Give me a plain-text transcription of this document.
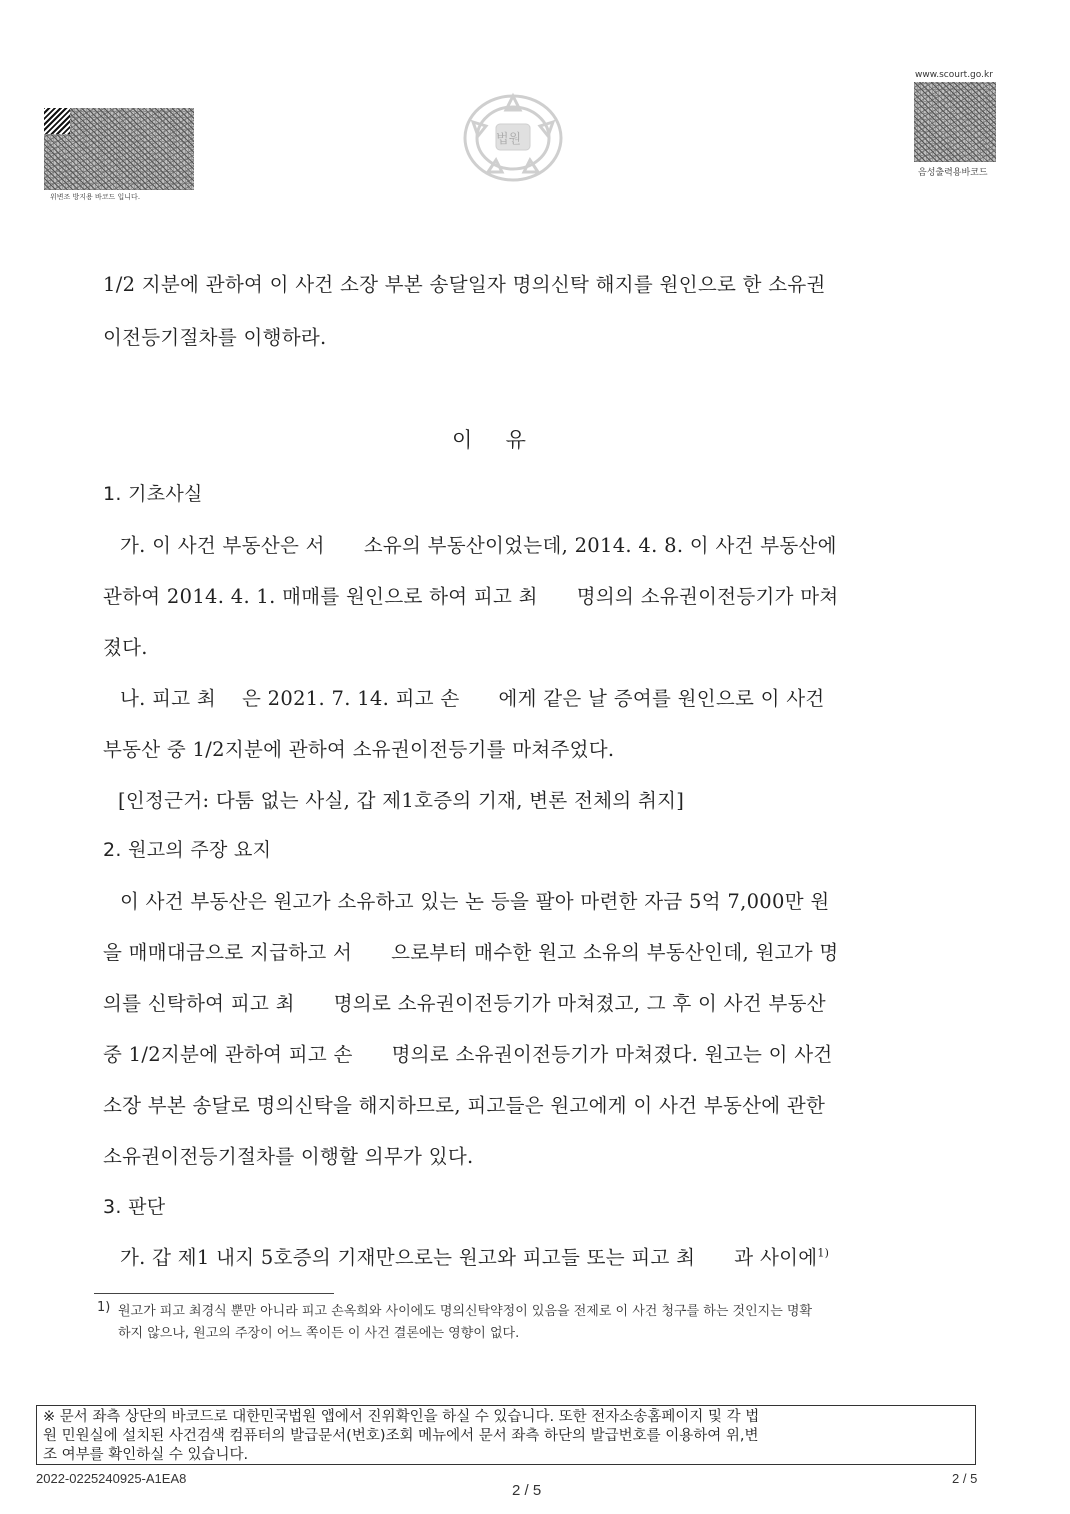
위변조 방지용 바코드 입니다.
법원
www.scourt.go.kr
음성출력용바코드
1/2 지분에 관하여 이 사건 소장 부본 송달일자 명의신탁 해지를 원인으로 한 소유권
이전등기절차를 이행하라.
이     유
1. 기초사실
가. 이 사건 부동산은 서      소유의 부동산이었는데, 2014. 4. 8. 이 사건 부동산에
관하여 2014. 4. 1. 매매를 원인으로 하여 피고 최      명의의 소유권이전등기가 마쳐
졌다.
나. 피고 최    은 2021. 7. 14. 피고 손      에게 같은 날 증여를 원인으로 이 사건
부동산 중 1/2지분에 관하여 소유권이전등기를 마쳐주었다.
[인정근거: 다툼 없는 사실, 갑 제1호증의 기재, 변론 전체의 취지]
2. 원고의 주장 요지
이 사건 부동산은 원고가 소유하고 있는 논 등을 팔아 마련한 자금 5억 7,000만 원
을 매매대금으로 지급하고 서      으로부터 매수한 원고 소유의 부동산인데, 원고가 명
의를 신탁하여 피고 최      명의로 소유권이전등기가 마쳐졌고, 그 후 이 사건 부동산
중 1/2지분에 관하여 피고 손      명의로 소유권이전등기가 마쳐졌다. 원고는 이 사건
소장 부본 송달로 명의신탁을 해지하므로, 피고들은 원고에게 이 사건 부동산에 관한
소유권이전등기절차를 이행할 의무가 있다.
3. 판단
가. 갑 제1 내지 5호증의 기재만으로는 원고와 피고들 또는 피고 최      과 사이에$^{1)}$
1) 원고가 피고 최경식 뿐만 아니라 피고 손옥희와 사이에도 명의신탁약정이 있음을 전제로 이 사건 청구를 하는 것인지는 명확
하지 않으나, 원고의 주장이 어느 쪽이든 이 사건 결론에는 영향이 없다.
※ 문서 좌측 상단의 바코드로 대한민국법원 앱에서 진위확인을 하실 수 있습니다. 또한 전자소송홈페이지 및 각 법
원 민원실에 설치된 사건검색 컴퓨터의 발급문서(번호)조회 메뉴에서 문서 좌측 하단의 발급번호를 이용하여 위,변
조 여부를 확인하실 수 있습니다.
2022-0225240925-A1EA8
2 / 5
2 / 5
